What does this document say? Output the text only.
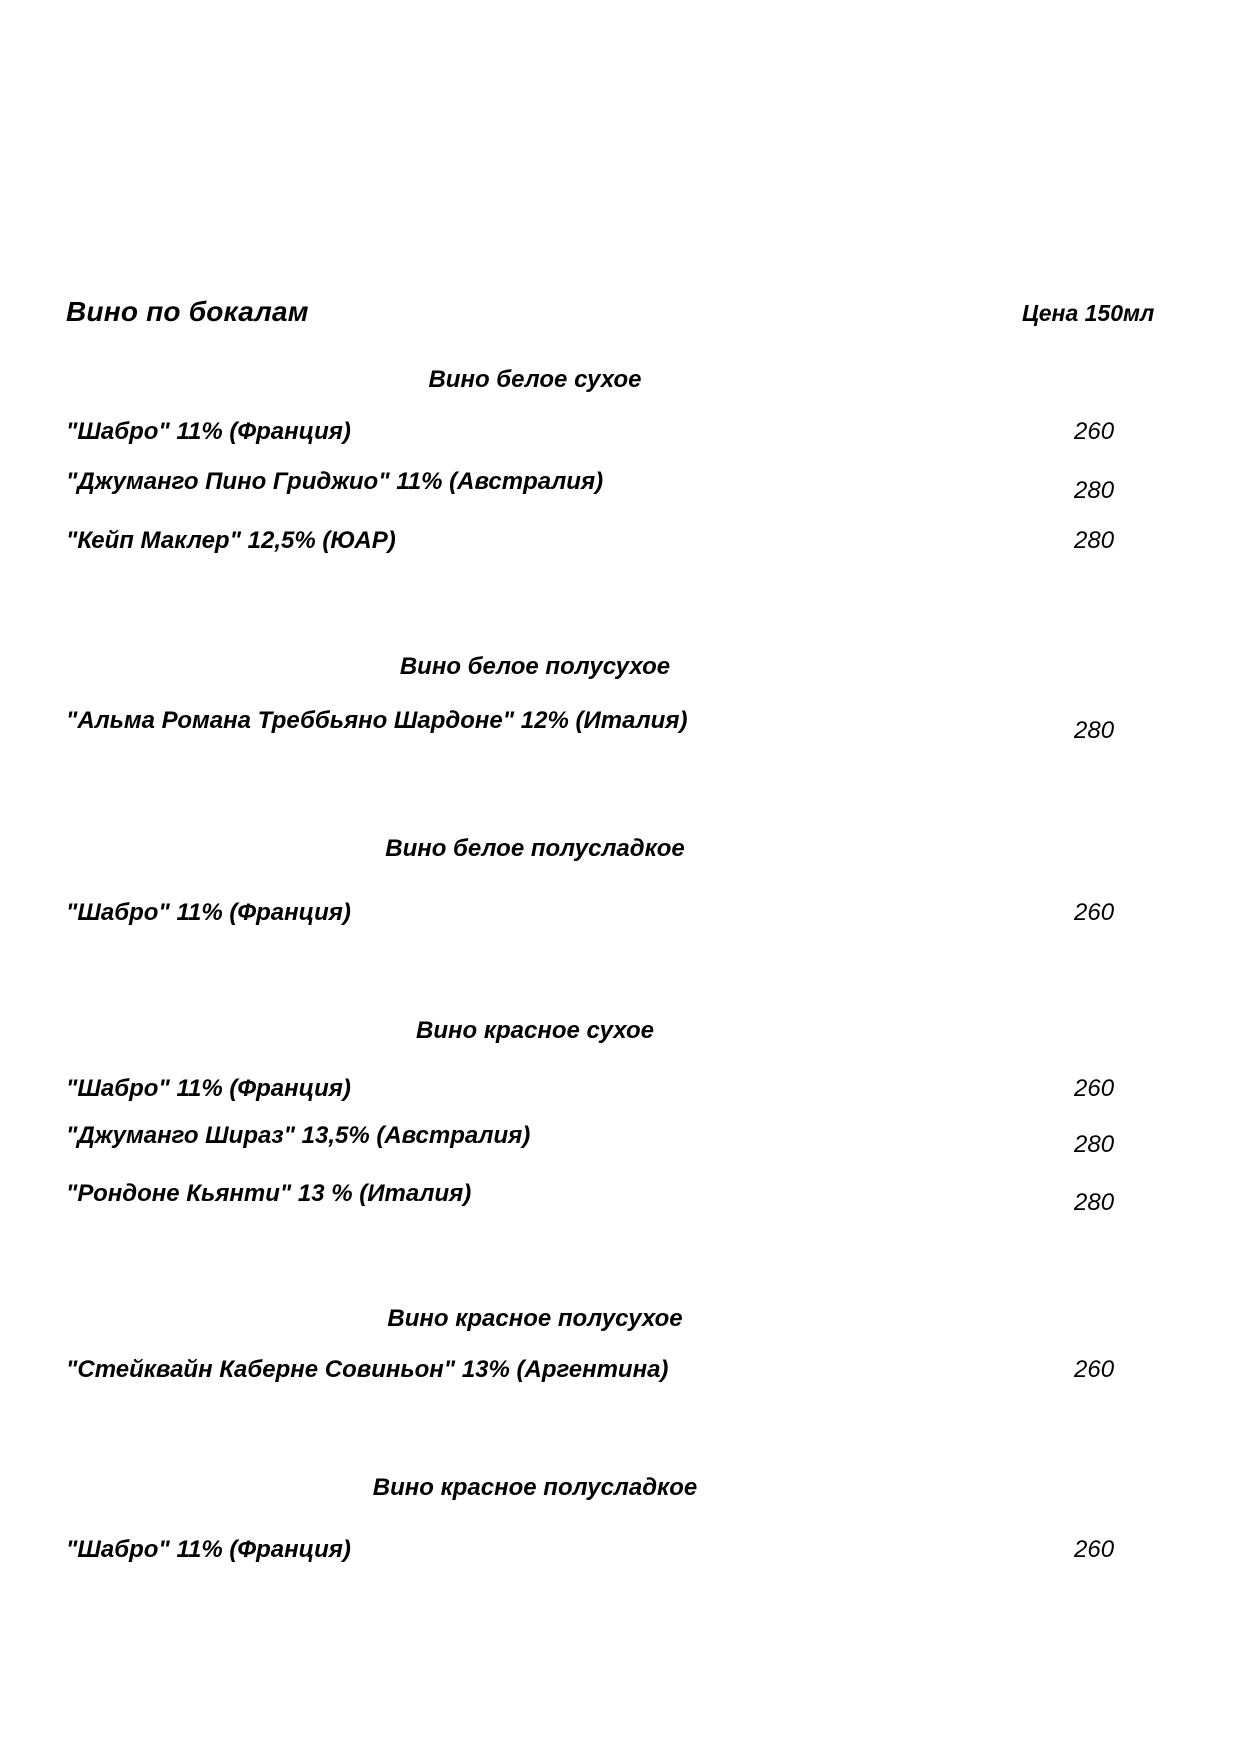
Вино по бокалам	Цена 150мл
Вино белое сухое
"Шабро" 11% (Франция)	260
"Джуманго Пино Гриджио" 11% (Австралия)	280
"Кейп Маклер" 12,5% (ЮАР)	280
Вино белое полусухое
"Альма Романа Треббьяно Шардоне" 12% (Италия)	280
Вино белое полусладкое
"Шабро" 11% (Франция)	260
Вино красное сухое
"Шабро" 11% (Франция)	260
"Джуманго Шираз" 13,5% (Австралия)	280
"Рондоне Кьянти" 13 % (Италия)	280
Вино красное полусухое
"Стейквайн Каберне Совиньон" 13% (Аргентина)	260
Вино красное полусладкое
"Шабро" 11% (Франция)	260
